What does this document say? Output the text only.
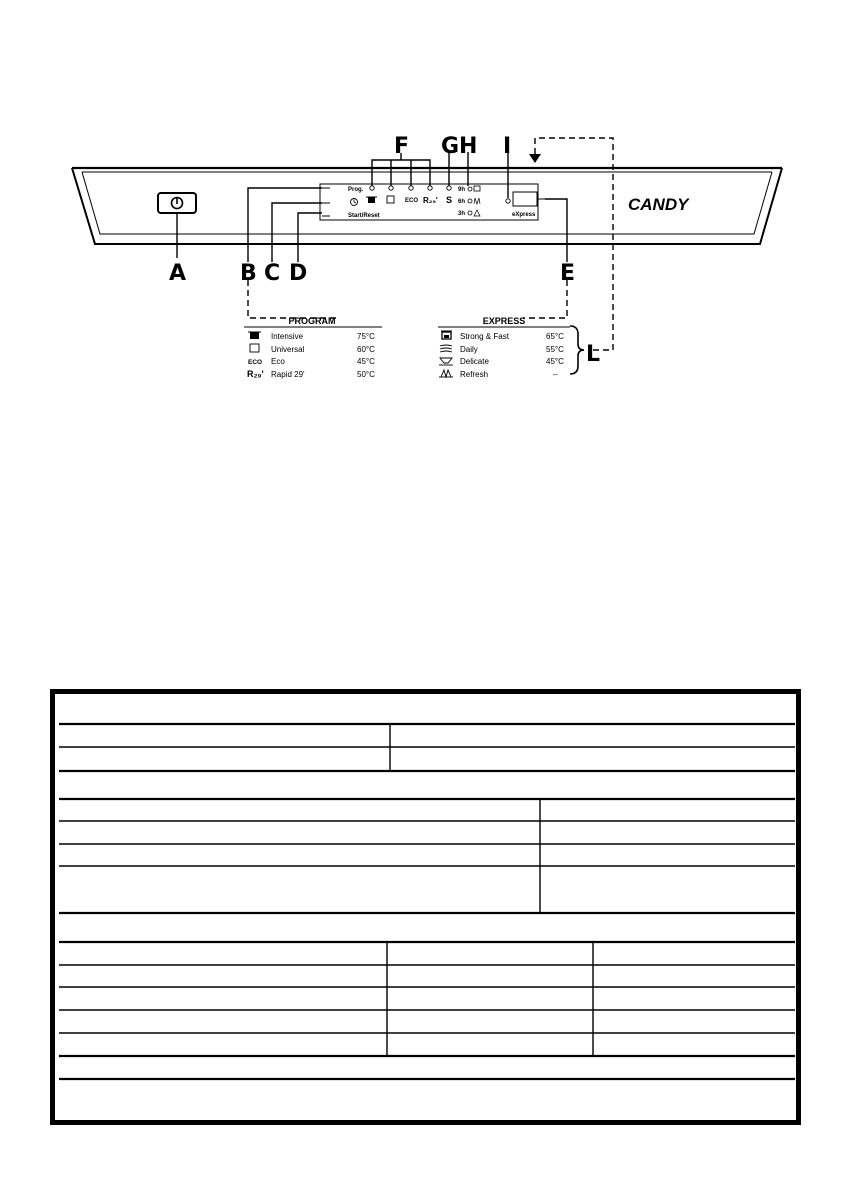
Prog.
Start/Reset
ECO R₂₉' S
9h
6h
3h	eXpress
CANDY
A B C D	E
F G H I
L
PROGRAM
Intensive	75°C
Universal	60°C
ECO Eco	45°C
R₂₉' Rapid 29'	50°C
EXPRESS
Strong & Fast	65°C
Daily	55°C
Delicate	45°C
Refresh	–
